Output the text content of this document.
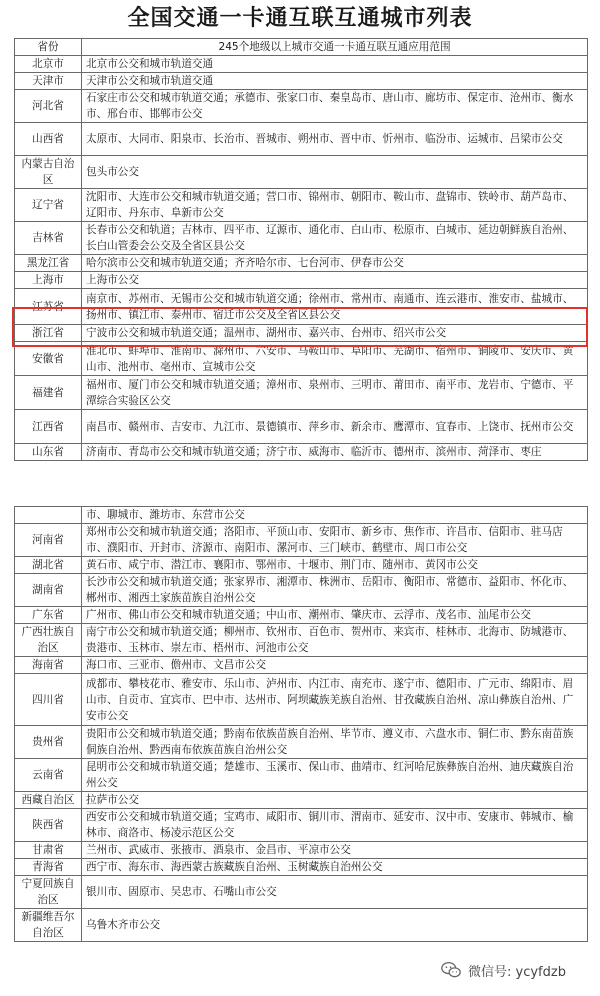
全国交通一卡通互联互通城市列表
省份	245个地级以上城市交通一卡通互联互通应用范围
北京市	北京市公交和城市轨道交通
天津市	天津市公交和城市轨道交通
河北省	石家庄市公交和城市轨道交通；承德市、张家口市、秦皇岛市、唐山市、廊坊市、保定市、沧州市、衡水市、邢台市、邯郸市公交
山西省	太原市、大同市、阳泉市、长治市、晋城市、朔州市、晋中市、忻州市、临汾市、运城市、吕梁市公交
内蒙古自治区	包头市公交
辽宁省	沈阳市、大连市公交和城市轨道交通；营口市、锦州市、朝阳市、鞍山市、盘锦市、铁岭市、葫芦岛市、辽阳市、丹东市、阜新市公交
吉林省	长春市公交和轨道；吉林市、四平市、辽源市、通化市、白山市、松原市、白城市、延边朝鲜族自治州、长白山管委会公交及全省区县公交
黑龙江省	哈尔滨市公交和城市轨道交通；齐齐哈尔市、七台河市、伊春市公交
上海市	上海市公交
江苏省	南京市、苏州市、无锡市公交和城市轨道交通；徐州市、常州市、南通市、连云港市、淮安市、盐城市、扬州市、镇江市、泰州市、宿迁市公交及全省区县公交
浙江省	宁波市公交和城市轨道交通；温州市、湖州市、嘉兴市、台州市、绍兴市公交
安徽省	淮北市、蚌埠市、淮南市、滁州市、六安市、马鞍山市、阜阳市、芜湖市、宿州市、铜陵市、安庆市、黄山市、池州市、亳州市、宣城市公交
福建省	福州市、厦门市公交和城市轨道交通；漳州市、泉州市、三明市、莆田市、南平市、龙岩市、宁德市、平潭综合实验区公交
江西省	南昌市、赣州市、吉安市、九江市、景德镇市、萍乡市、新余市、鹰潭市、宜春市、上饶市、抚州市公交
山东省	济南市、青岛市公交和城市轨道交通；济宁市、威海市、临沂市、德州市、滨州市、菏泽市、枣庄
	市、聊城市、潍坊市、东营市公交
河南省	郑州市公交和城市轨道交通；洛阳市、平顶山市、安阳市、新乡市、焦作市、许昌市、信阳市、驻马店市、濮阳市、开封市、济源市、南阳市、漯河市、三门峡市、鹤壁市、周口市公交
湖北省	黄石市、咸宁市、潜江市、襄阳市、鄂州市、十堰市、荆门市、随州市、黄冈市公交
湖南省	长沙市公交和城市轨道交通；张家界市、湘潭市、株洲市、岳阳市、衡阳市、常德市、益阳市、怀化市、郴州市、湘西土家族苗族自治州公交
广东省	广州市、佛山市公交和城市轨道交通；中山市、潮州市、肇庆市、云浮市、茂名市、汕尾市公交
广西壮族自治区	南宁市公交和城市轨道交通；柳州市、钦州市、百色市、贺州市、来宾市、桂林市、北海市、防城港市、贵港市、玉林市、崇左市、梧州市、河池市公交
海南省	海口市、三亚市、儋州市、文昌市公交
四川省	成都市、攀枝花市、雅安市、乐山市、泸州市、内江市、南充市、遂宁市、德阳市、广元市、绵阳市、眉山市、自贡市、宜宾市、巴中市、达州市、阿坝藏族羌族自治州、甘孜藏族自治州、凉山彝族自治州、广安市公交
贵州省	贵阳市公交和城市轨道交通；黔南布依族苗族自治州、毕节市、遵义市、六盘水市、铜仁市、黔东南苗族侗族自治州、黔西南布依族苗族自治州公交
云南省	昆明市公交和城市轨道交通；楚雄市、玉溪市、保山市、曲靖市、红河哈尼族彝族自治州、迪庆藏族自治州公交
西藏自治区	拉萨市公交
陕西省	西安市公交和城市轨道交通；宝鸡市、咸阳市、铜川市、渭南市、延安市、汉中市、安康市、韩城市、榆林市、商洛市、杨凌示范区公交
甘肃省	兰州市、武威市、张掖市、酒泉市、金昌市、平凉市公交
青海省	西宁市、海东市、海西蒙古族藏族自治州、玉树藏族自治州公交
宁夏回族自治区	银川市、固原市、吴忠市、石嘴山市公交
新疆维吾尔自治区	乌鲁木齐市公交
微信号: ycyfdzb
